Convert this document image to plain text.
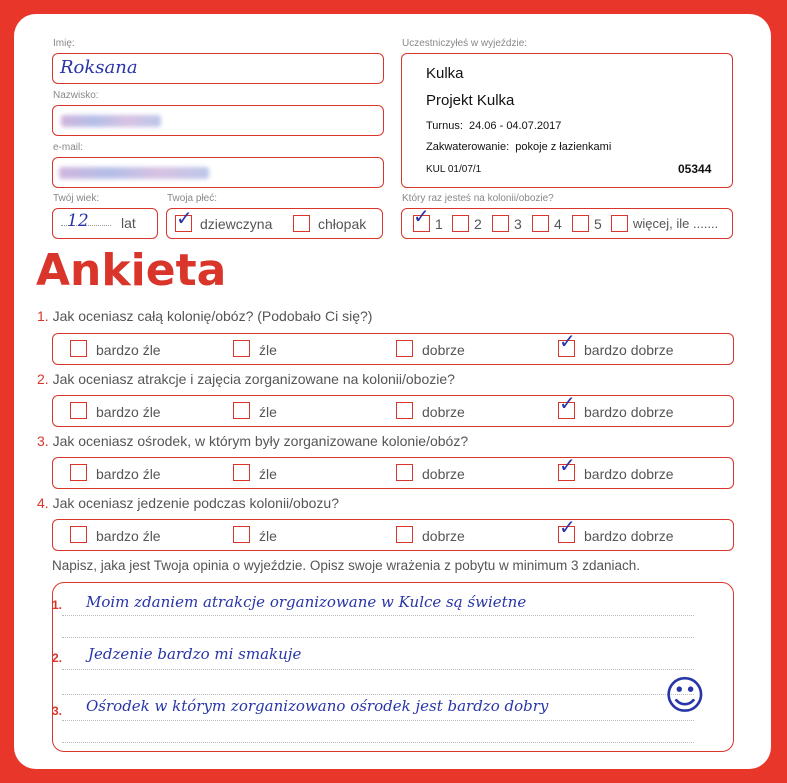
Imię:
Roksana
Nazwisko:
e-mail:
Twój wiek:
12 lat
Twoja płeć:
✓ dziewczyna	chłopak
Uczestniczyłeś w wyjeździe:
Kulka
Projekt Kulka
Turnus: 24.06 - 04.07.2017
Zakwaterowanie: pokoje z łazienkami
KUL 01/07/1	05344
Który raz jesteś na kolonii/obozie?
✓ 1 2 3 4 5 więcej, ile .......
Ankieta
1. Jak oceniasz całą kolonię/obóz? (Podobało Ci się?)
bardzo źle	źle	dobrze	✓ bardzo dobrze
2. Jak oceniasz atrakcje i zajęcia zorganizowane na kolonii/obozie?
bardzo źle	źle	dobrze	✓ bardzo dobrze
3. Jak oceniasz ośrodek, w którym były zorganizowane kolonie/obóz?
bardzo źle	źle	dobrze	✓ bardzo dobrze
4. Jak oceniasz jedzenie podczas kolonii/obozu?
bardzo źle	źle	dobrze	✓ bardzo dobrze
Napisz, jaka jest Twoja opinia o wyjeździe. Opisz swoje wrażenia z pobytu w minimum 3 zdaniach.
1. Moim zdaniem atrakcje organizowane w Kulce są świetne
2. Jedzenie bardzo mi smakuje
3. Ośrodek w którym zorganizowano ośrodek jest bardzo dobry	☺
